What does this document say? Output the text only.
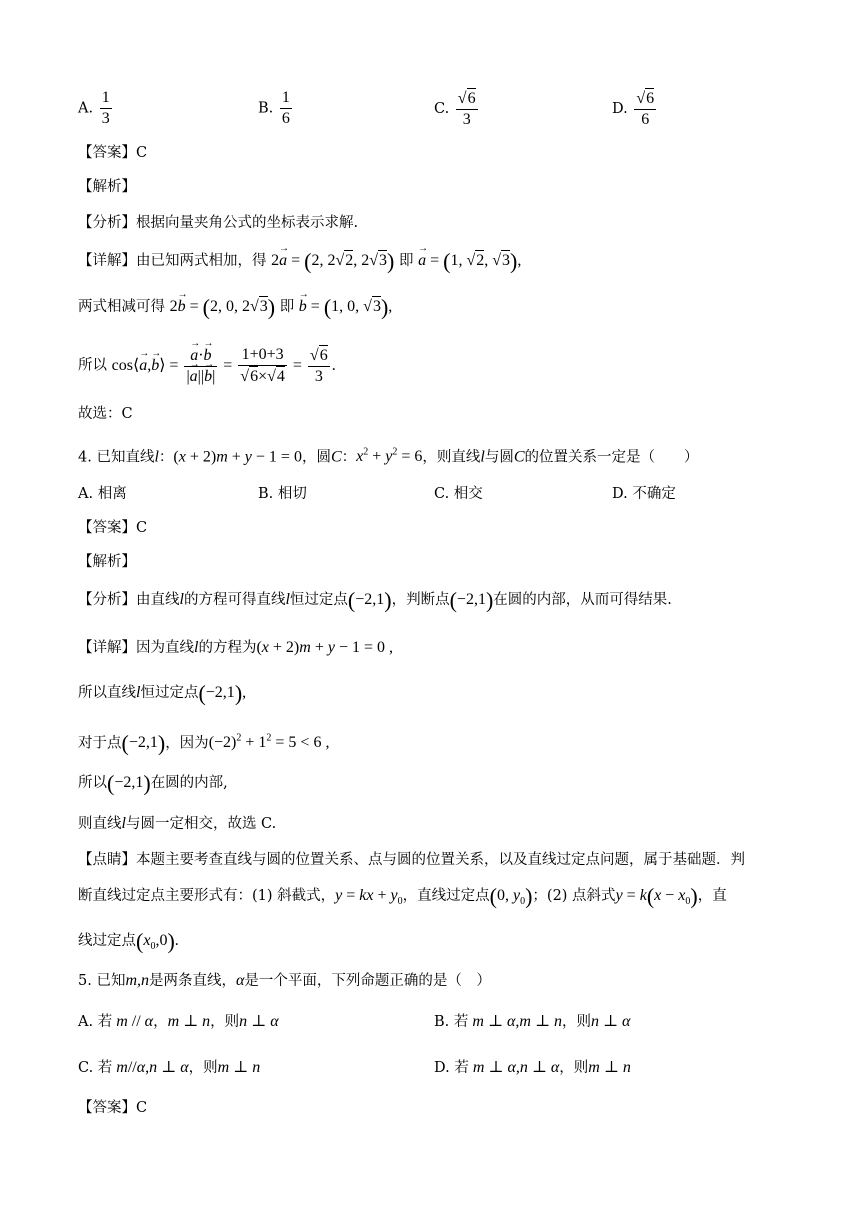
A. $\frac{1}{3}$	B. $\frac{1}{6}$	C. $\frac{√6}{3}$	D. $\frac{√6}{6}$
【答案】C
【解析】
【分析】根据向量夹角公式的坐标表示求解.
【详解】由已知两式相加，得 2→ a = (2, 2√2, 2√3) 即 → a = (1, √2, √3),
两式相减可得 2→ b = (2, 0, 2√3) 即 → b = (1, 0, √3),
所以 cos⟨→ a,→ b⟩ = → $\frac{a\cdot\to b}{|\to a||\to b|} = \frac{1+0+3}{√6\times√4} = \frac{√6}{3}$ .
故选：C
4. 已知直线l：(x + 2)m + y − 1 = 0，圆C：$x^2 + y^2 = 6$，则直线l与圆C的位置关系一定是（　　）
A. 相离	B. 相切	C. 相交	D. 不确定
【答案】C
【解析】
【分析】由直线l的方程可得直线l恒过定点(−2,1)，判断点(−2,1)在圆的内部，从而可得结果.
【详解】因为直线l的方程为(x + 2)m + y − 1 = 0 ,
所以直线l恒过定点(−2,1),
对于点(−2,1)，因为$(-2)^2 + 1^2 = 5 < 6$ ,
所以(−2,1)在圆的内部,
则直线l与圆一定相交，故选 C.
【点睛】本题主要考查直线与圆的位置关系、点与圆的位置关系，以及直线过定点问题，属于基础题．判
断直线过定点主要形式有：(1) 斜截式，y = kx + $y_0$，直线过定点(0, $y_0$)；(2) 点斜式$y = k(x - x_0)$，直
线过定点$(x_0,0)$.
5. 已知m,n是两条直线，α是一个平面，下列命题正确的是（　）
A. 若 m // α，m ⊥ n，则n ⊥ α	B. 若 m ⊥ α,m ⊥ n，则n ⊥ α
C. 若 m//α,n ⊥ α，则m ⊥ n	D. 若 m ⊥ α,n ⊥ α，则m ⊥ n
【答案】C
